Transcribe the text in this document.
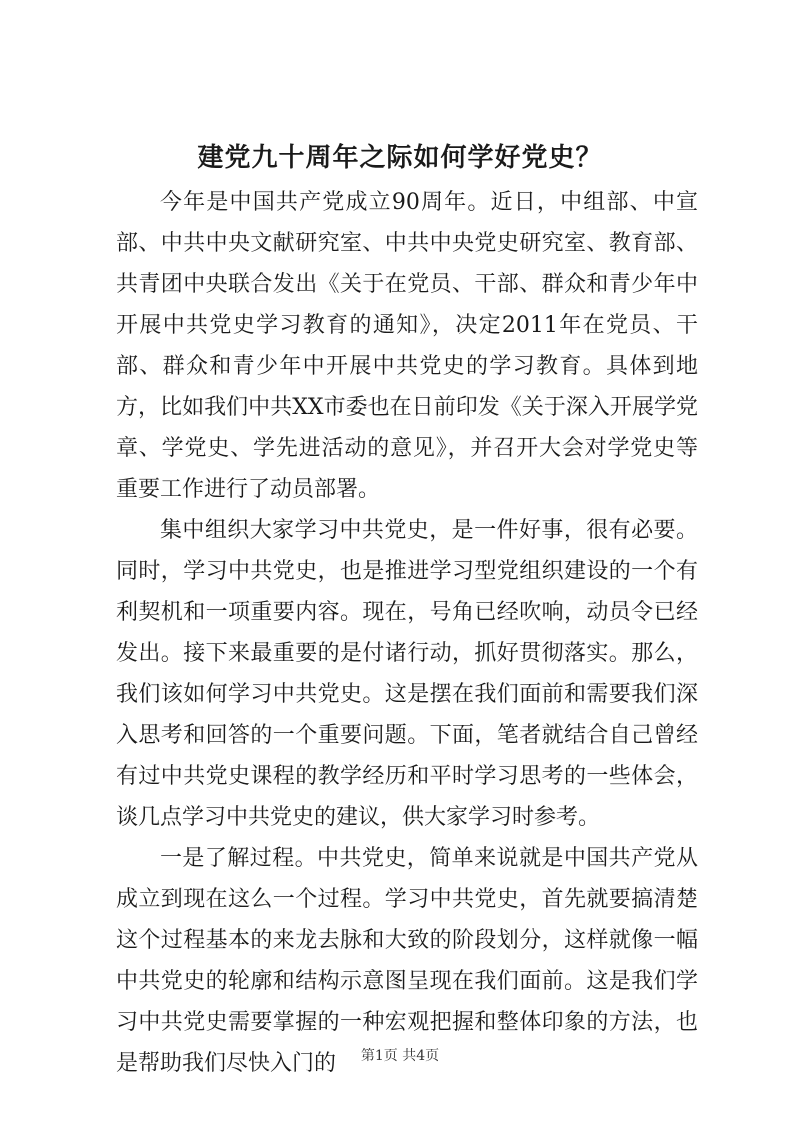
建党九十周年之际如何学好党史？

今年是中国共产党成立90周年。近日，中组部、中宣部、中共中央文献研究室、中共中央党史研究室、教育部、共青团中央联合发出《关于在党员、干部、群众和青少年中开展中共党史学习教育的通知》，决定2011年在党员、干部、群众和青少年中开展中共党史的学习教育。具体到地方，比如我们中共XX市委也在日前印发《关于深入开展学党章、学党史、学先进活动的意见》，并召开大会对学党史等重要工作进行了动员部署。

集中组织大家学习中共党史，是一件好事，很有必要。同时，学习中共党史，也是推进学习型党组织建设的一个有利契机和一项重要内容。现在，号角已经吹响，动员令已经发出。接下来最重要的是付诸行动，抓好贯彻落实。那么，我们该如何学习中共党史。这是摆在我们面前和需要我们深入思考和回答的一个重要问题。下面，笔者就结合自己曾经有过中共党史课程的教学经历和平时学习思考的一些体会，谈几点学习中共党史的建议，供大家学习时参考。

一是了解过程。中共党史，简单来说就是中国共产党从成立到现在这么一个过程。学习中共党史，首先就要搞清楚这个过程基本的来龙去脉和大致的阶段划分，这样就像一幅中共党史的轮廓和结构示意图呈现在我们面前。这是我们学习中共党史需要掌握的一种宏观把握和整体印象的方法，也是帮助我们尽快入门的	第1页 共4页
